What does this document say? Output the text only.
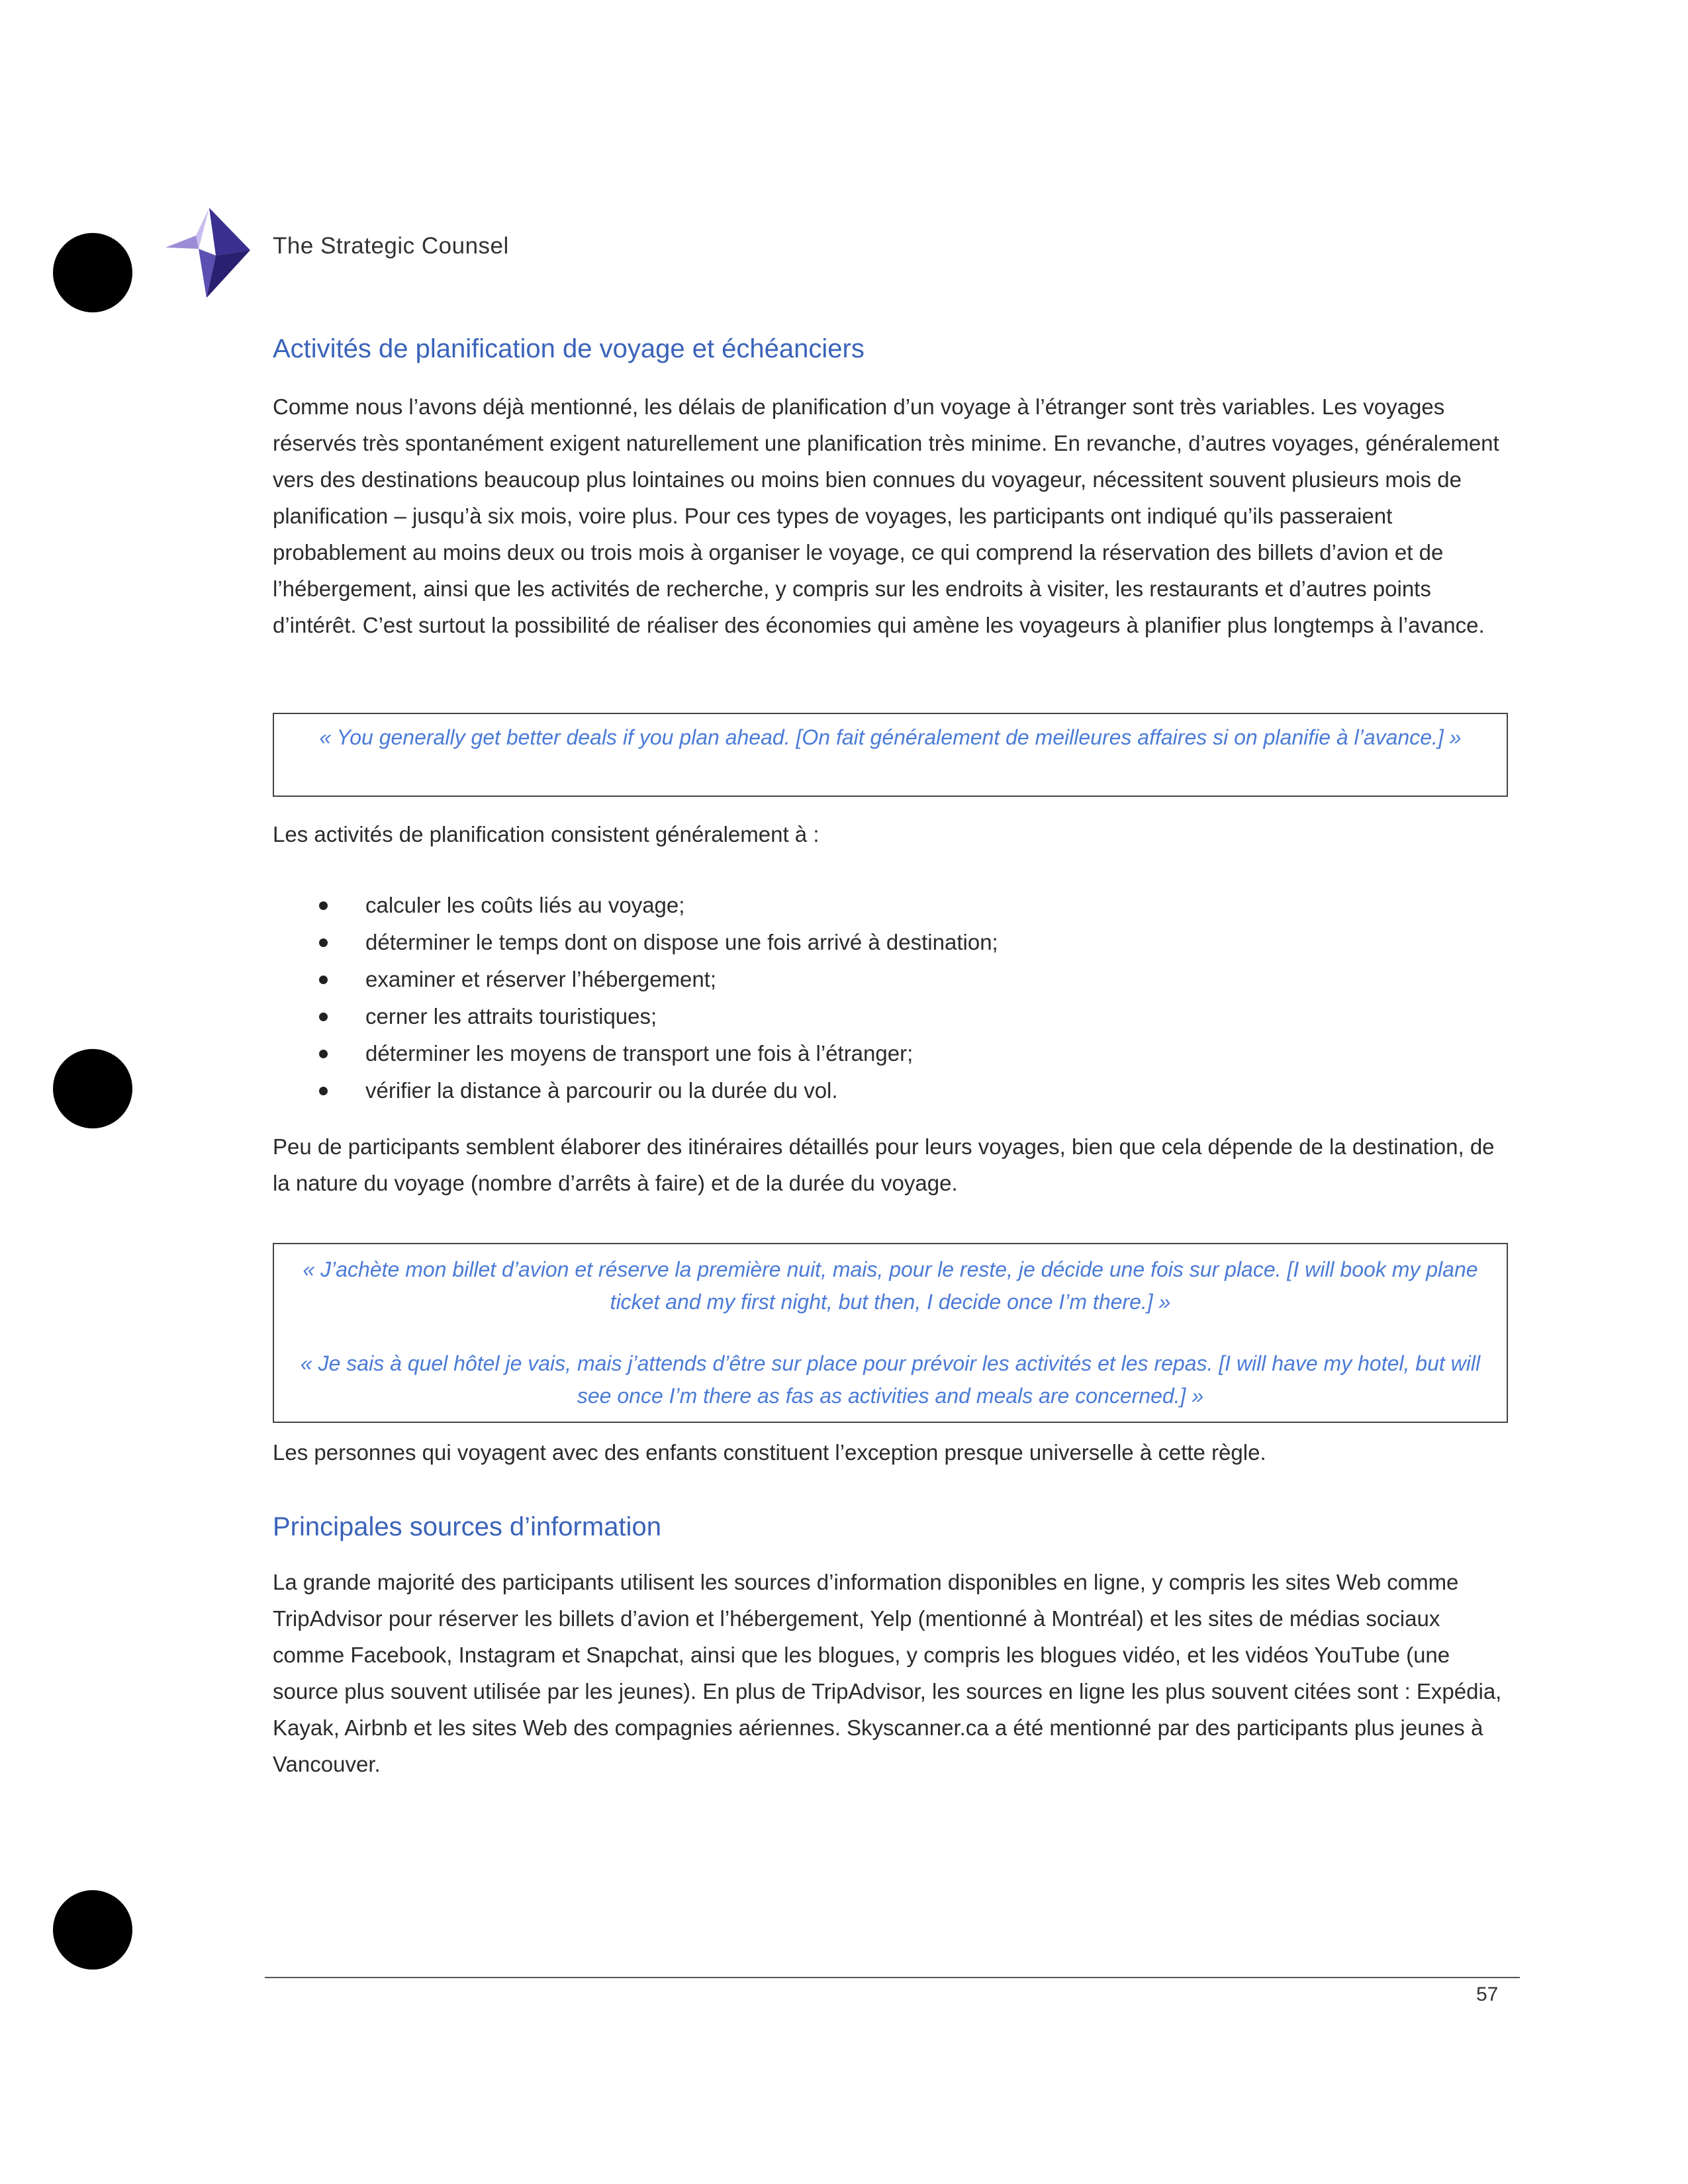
The Strategic Counsel
Activités de planification de voyage et échéanciers
Comme nous l’avons déjà mentionné, les délais de planification d’un voyage à l’étranger sont très variables. Les voyages réservés très spontanément exigent naturellement une planification très minime. En revanche, d’autres voyages, généralement vers des destinations beaucoup plus lointaines ou moins bien connues du voyageur, nécessitent souvent plusieurs mois de planification – jusqu’à six mois, voire plus. Pour ces types de voyages, les participants ont indiqué qu’ils passeraient probablement au moins deux ou trois mois à organiser le voyage, ce qui comprend la réservation des billets d’avion et de l’hébergement, ainsi que les activités de recherche, y compris sur les endroits à visiter, les restaurants et d’autres points d’intérêt. C’est surtout la possibilité de réaliser des économies qui amène les voyageurs à planifier plus longtemps à l’avance.
« You generally get better deals if you plan ahead. [On fait généralement de meilleures affaires si on planifie à l’avance.] »
Les activités de planification consistent généralement à :
calculer les coûts liés au voyage;
déterminer le temps dont on dispose une fois arrivé à destination;
examiner et réserver l’hébergement;
cerner les attraits touristiques;
déterminer les moyens de transport une fois à l’étranger;
vérifier la distance à parcourir ou la durée du vol.
Peu de participants semblent élaborer des itinéraires détaillés pour leurs voyages, bien que cela dépende de la destination, de la nature du voyage (nombre d’arrêts à faire) et de la durée du voyage.
« J’achète mon billet d’avion et réserve la première nuit, mais, pour le reste, je décide une fois sur place. [I will book my plane ticket and my first night, but then, I decide once I’m there.] »
« Je sais à quel hôtel je vais, mais j’attends d’être sur place pour prévoir les activités et les repas. [I will have my hotel, but will see once I’m there as fas as activities and meals are concerned.] »
Les personnes qui voyagent avec des enfants constituent l’exception presque universelle à cette règle.
Principales sources d’information
La grande majorité des participants utilisent les sources d’information disponibles en ligne, y compris les sites Web comme TripAdvisor pour réserver les billets d’avion et l’hébergement, Yelp (mentionné à Montréal) et les sites de médias sociaux comme Facebook, Instagram et Snapchat, ainsi que les blogues, y compris les blogues vidéo, et les vidéos YouTube (une source plus souvent utilisée par les jeunes). En plus de TripAdvisor, les sources en ligne les plus souvent citées sont : Expédia, Kayak, Airbnb et les sites Web des compagnies aériennes. Skyscanner.ca a été mentionné par des participants plus jeunes à Vancouver.
57
